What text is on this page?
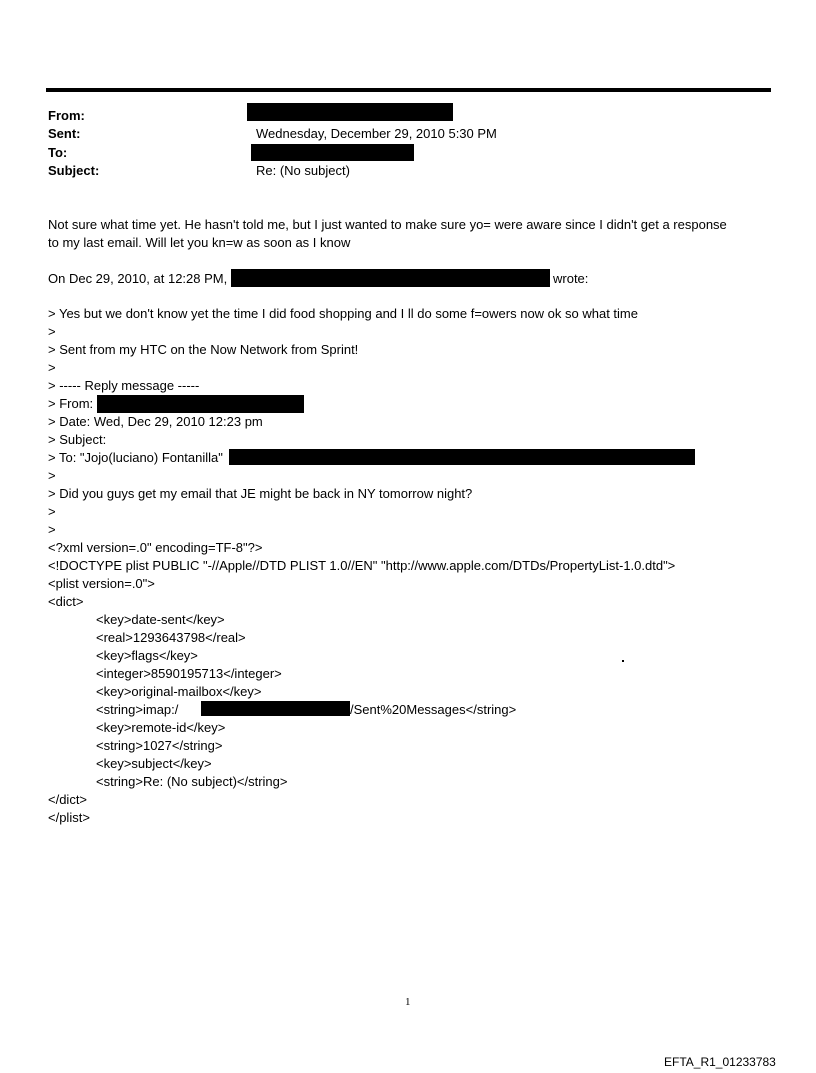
From:
Sent:	Wednesday, December 29, 2010 5:30 PM
To:
Subject:	Re: (No subject)
Not sure what time yet. He hasn't told me, but I just wanted to make sure yo= were aware since I didn't get a response
to my last email. Will let you kn=w as soon as I know
On Dec 29, 2010, at 12:28 PM,	wrote:
> Yes but we don't know yet the time I did food shopping and I ll do some f=owers now ok so what time
>
> Sent from my HTC on the Now Network from Sprint!
>
> ----- Reply message -----
> From:
> Date: Wed, Dec 29, 2010 12:23 pm
> Subject:
> To: "Jojo(luciano) Fontanilla"
>
> Did you guys get my email that JE might be back in NY tomorrow night?
>
>
<?xml version=.0" encoding=TF-8"?>
<!DOCTYPE plist PUBLIC "-//Apple//DTD PLIST 1.0//EN" "http://www.apple.com/DTDs/PropertyList-1.0.dtd">
<plist version=.0">
<dict>
<key>date-sent</key>
<real>1293643798</real>
<key>flags</key>
<integer>8590195713</integer>
<key>original-mailbox</key>
<string>imap:/	/Sent%20Messages</string>
<key>remote-id</key>
<string>1027</string>
<key>subject</key>
<string>Re: (No subject)</string>
</dict>
</plist>
1
EFTA_R1_01233783
